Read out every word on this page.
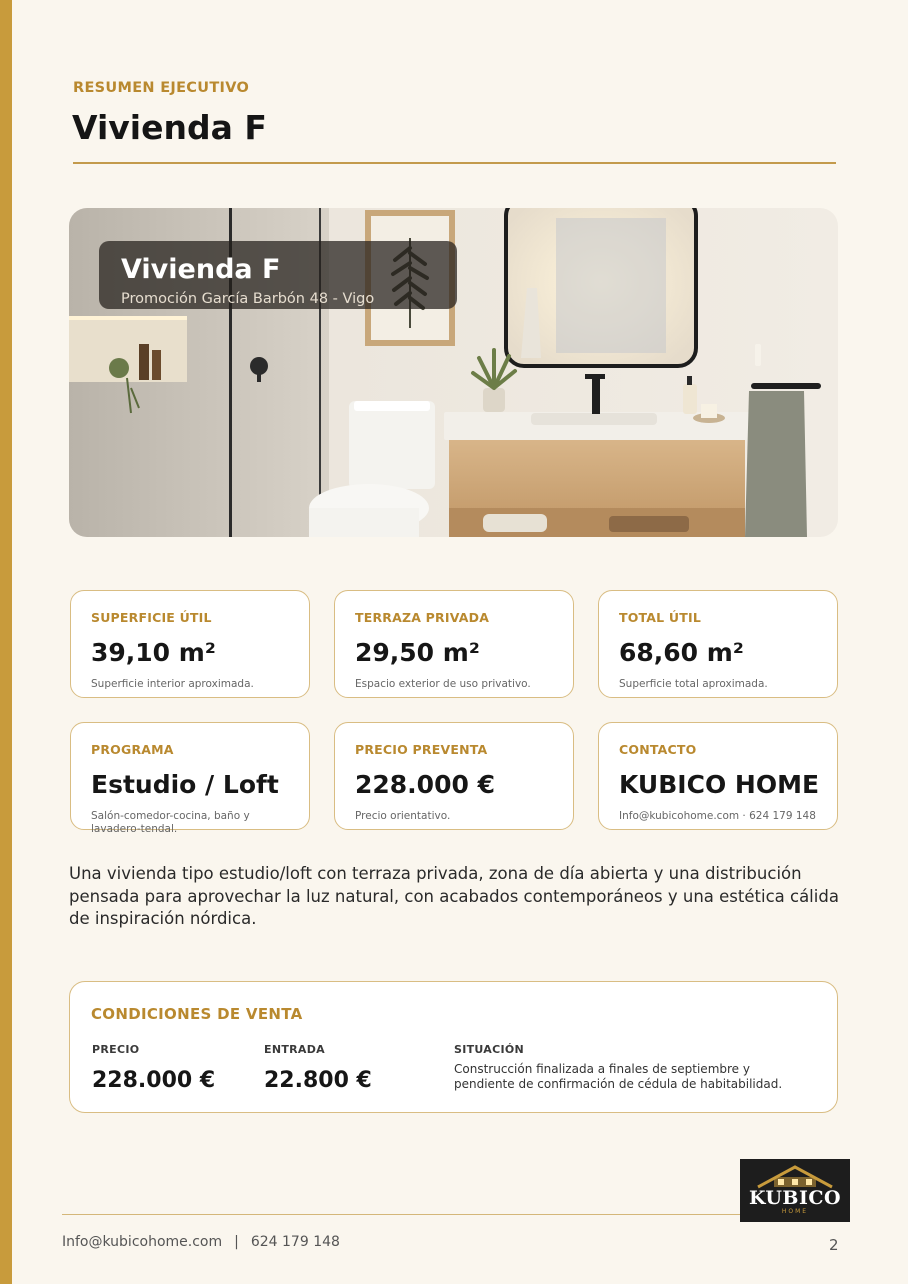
RESUMEN EJECUTIVO
Vivienda F
Vivienda F
Promoción García Barbón 48 - Vigo
SUPERFICIE ÚTIL
39,10 m²
Superficie interior aproximada.
TERRAZA PRIVADA
29,50 m²
Espacio exterior de uso privativo.
TOTAL ÚTIL
68,60 m²
Superficie total aproximada.
PROGRAMA
Estudio / Loft
Salón-comedor-cocina, baño y lavadero-tendal.
PRECIO PREVENTA
228.000 €
Precio orientativo.
CONTACTO
KUBICO HOME
Info@kubicohome.com · 624 179 148
Una vivienda tipo estudio/loft con terraza privada, zona de día abierta y una distribución pensada para aprovechar la luz natural, con acabados contemporáneos y una estética cálida de inspiración nórdica.
CONDICIONES DE VENTA
PRECIO
228.000 €
ENTRADA
22.800 €
SITUACIÓN
Construcción finalizada a finales de septiembre y pendiente de confirmación de cédula de habitabilidad.
KUBICO
HOME
Info@kubicohome.com | 624 179 148	2
